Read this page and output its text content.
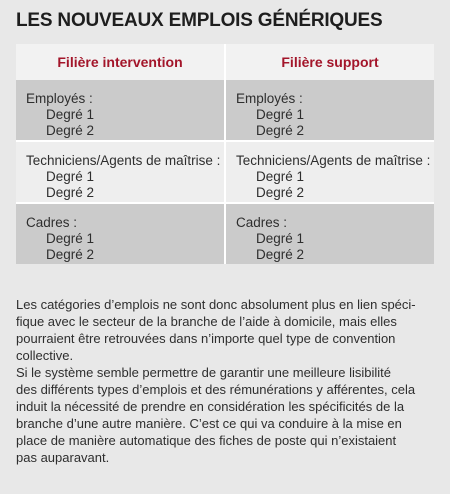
LES NOUVEAUX EMPLOIS GÉNÉRIQUES
Filière intervention	Filière support
Employés :
Degré 1
Degré 2
Employés :
Degré 1
Degré 2
Techniciens/Agents de maîtrise :
Degré 1
Degré 2
Techniciens/Agents de maîtrise :
Degré 1
Degré 2
Cadres :
Degré 1
Degré 2
Cadres :
Degré 1
Degré 2
Les catégories d’emplois ne sont donc absolument plus en lien spéci-
fique avec le secteur de la branche de l’aide à domicile, mais elles
pourraient être retrouvées dans n’importe quel type de convention
collective.
Si le système semble permettre de garantir une meilleure lisibilité
des différents types d’emplois et des rémunérations y afférentes, cela
induit la nécessité de prendre en considération les spécificités de la
branche d’une autre manière. C’est ce qui va conduire à la mise en
place de manière automatique des fiches de poste qui n’existaient
pas auparavant.
